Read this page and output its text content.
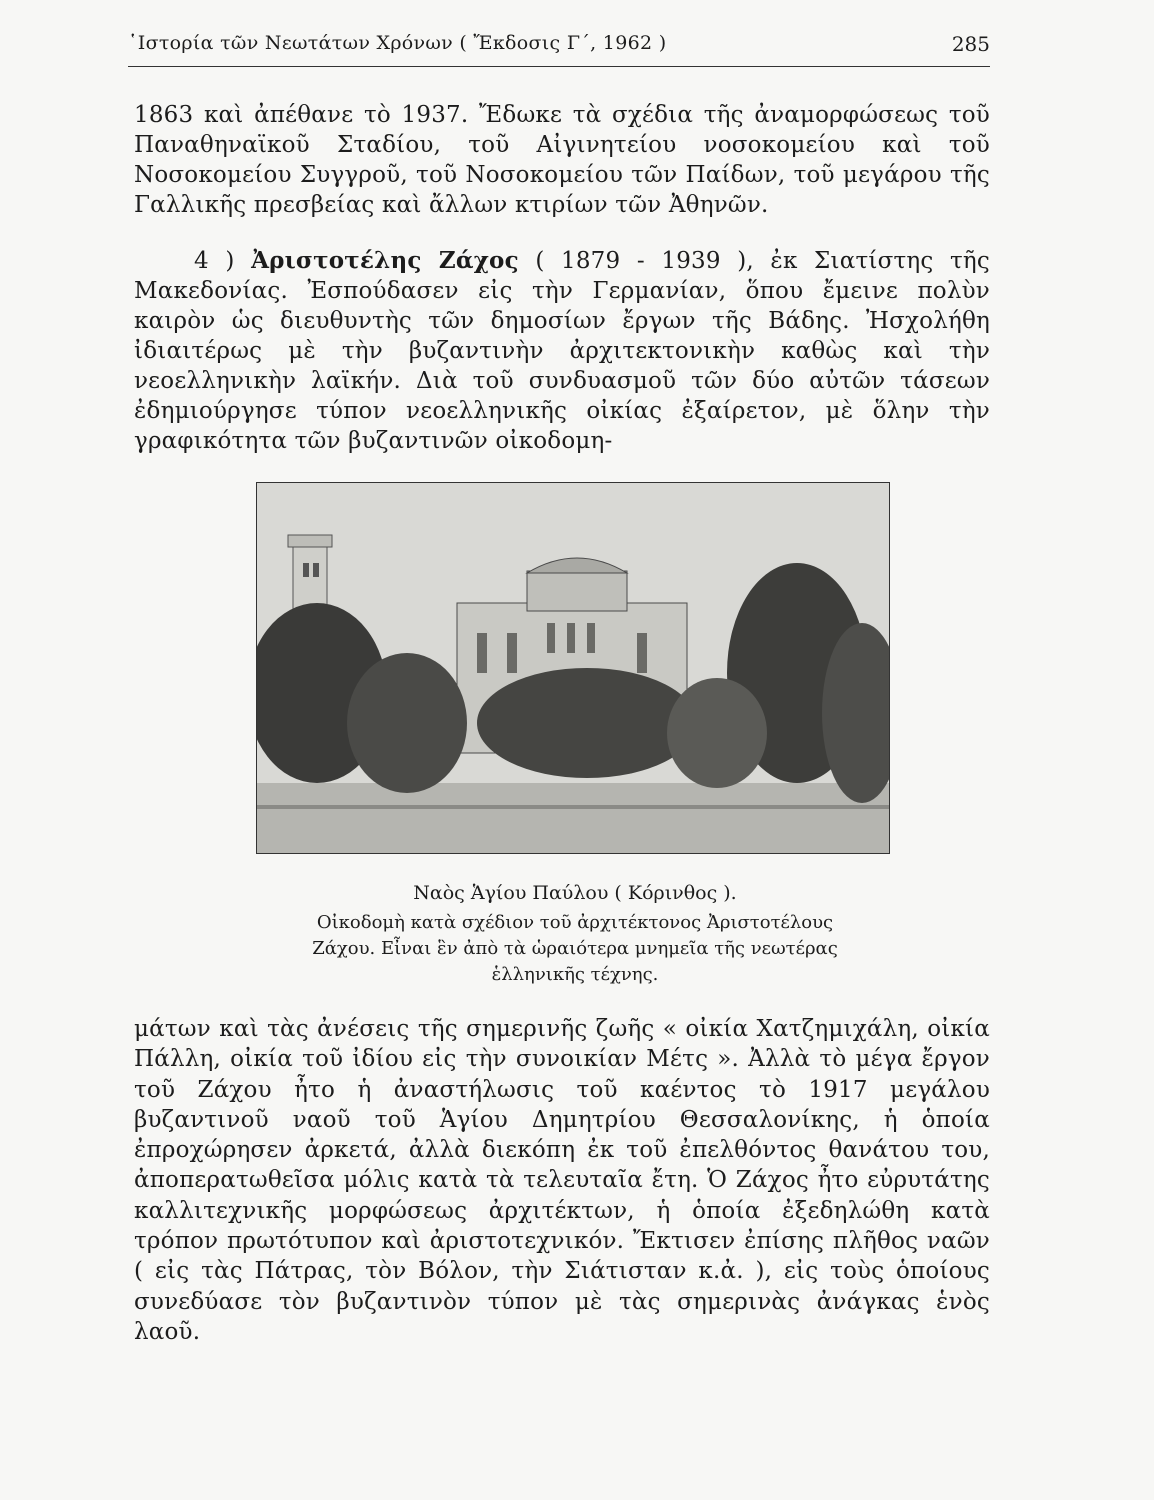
῾Ιστορία τῶν Νεωτάτων Χρόνων ( Ἔκδοσις Γ΄, 1962 )	285
1863 καὶ ἀπέθανε τὸ 1937. Ἔδωκε τὰ σχέδια τῆς ἀναμορφώσεως τοῦ Παναθηναϊκοῦ Σταδίου, τοῦ Αἰγινητείου νοσοκομείου καὶ τοῦ Νοσοκομείου Συγγροῦ, τοῦ Νοσοκομείου τῶν Παίδων, τοῦ μεγάρου τῆς Γαλλικῆς πρεσβείας καὶ ἄλλων κτιρίων τῶν Ἀθηνῶν.
4 ) Ἀριστοτέλης Ζάχος ( 1879 - 1939 ), ἐκ Σιατίστης τῆς Μακεδονίας. Ἐσπούδασεν εἰς τὴν Γερμανίαν, ὅπου ἔμεινε πολὺν καιρὸν ὡς διευθυντὴς τῶν δημοσίων ἔργων τῆς Βάδης. Ἠσχολήθη ἰδιαιτέρως μὲ τὴν βυζαντινὴν ἀρχιτεκτονικὴν καθὼς καὶ τὴν νεοελληνικὴν λαϊκήν. Διὰ τοῦ συνδυασμοῦ τῶν δύο αὐτῶν τάσεων ἐδημιούργησε τύπον νεοελληνικῆς οἰκίας ἐξαίρετον, μὲ ὅλην τὴν γραφικότητα τῶν βυζαντινῶν οἰκοδομη-
Ναὸς Ἁγίου Παύλου ( Κόρινθος ).
Οἰκοδομὴ κατὰ σχέδιον τοῦ ἀρχιτέκτονος Ἀριστοτέλους
Ζάχου. Εἶναι ἓν ἀπὸ τὰ ὡραιότερα μνημεῖα τῆς νεωτέρας
ἑλληνικῆς τέχνης.
μάτων καὶ τὰς ἀνέσεις τῆς σημερινῆς ζωῆς « οἰκία Χατζημιχάλη, οἰκία Πάλλη, οἰκία τοῦ ἰδίου εἰς τὴν συνοικίαν Μέτς ». Ἀλλὰ τὸ μέγα ἔργον τοῦ Ζάχου ἦτο ἡ ἀναστήλωσις τοῦ καέντος τὸ 1917 μεγάλου βυζαντινοῦ ναοῦ τοῦ Ἁγίου Δημητρίου Θεσσαλονίκης, ἡ ὁποία ἐπροχώρησεν ἀρκετά, ἀλλὰ διεκόπη ἐκ τοῦ ἐπελθόντος θανάτου του, ἀποπερατωθεῖσα μόλις κατὰ τὰ τελευταῖα ἔτη. Ὁ Ζάχος ἦτο εὐρυτάτης καλλιτεχνικῆς μορφώσεως ἀρχιτέκτων, ἡ ὁποία ἐξεδηλώθη κατὰ τρόπον πρωτότυπον καὶ ἀριστοτεχνικόν. Ἔκτισεν ἐπίσης πλῆθος ναῶν ( εἰς τὰς Πάτρας, τὸν Βόλον, τὴν Σιάτισταν κ.ἀ. ), εἰς τοὺς ὁποίους συνεδύασε τὸν βυζαντινὸν τύπον μὲ τὰς σημερινὰς ἀνάγκας ἑνὸς λαοῦ.
